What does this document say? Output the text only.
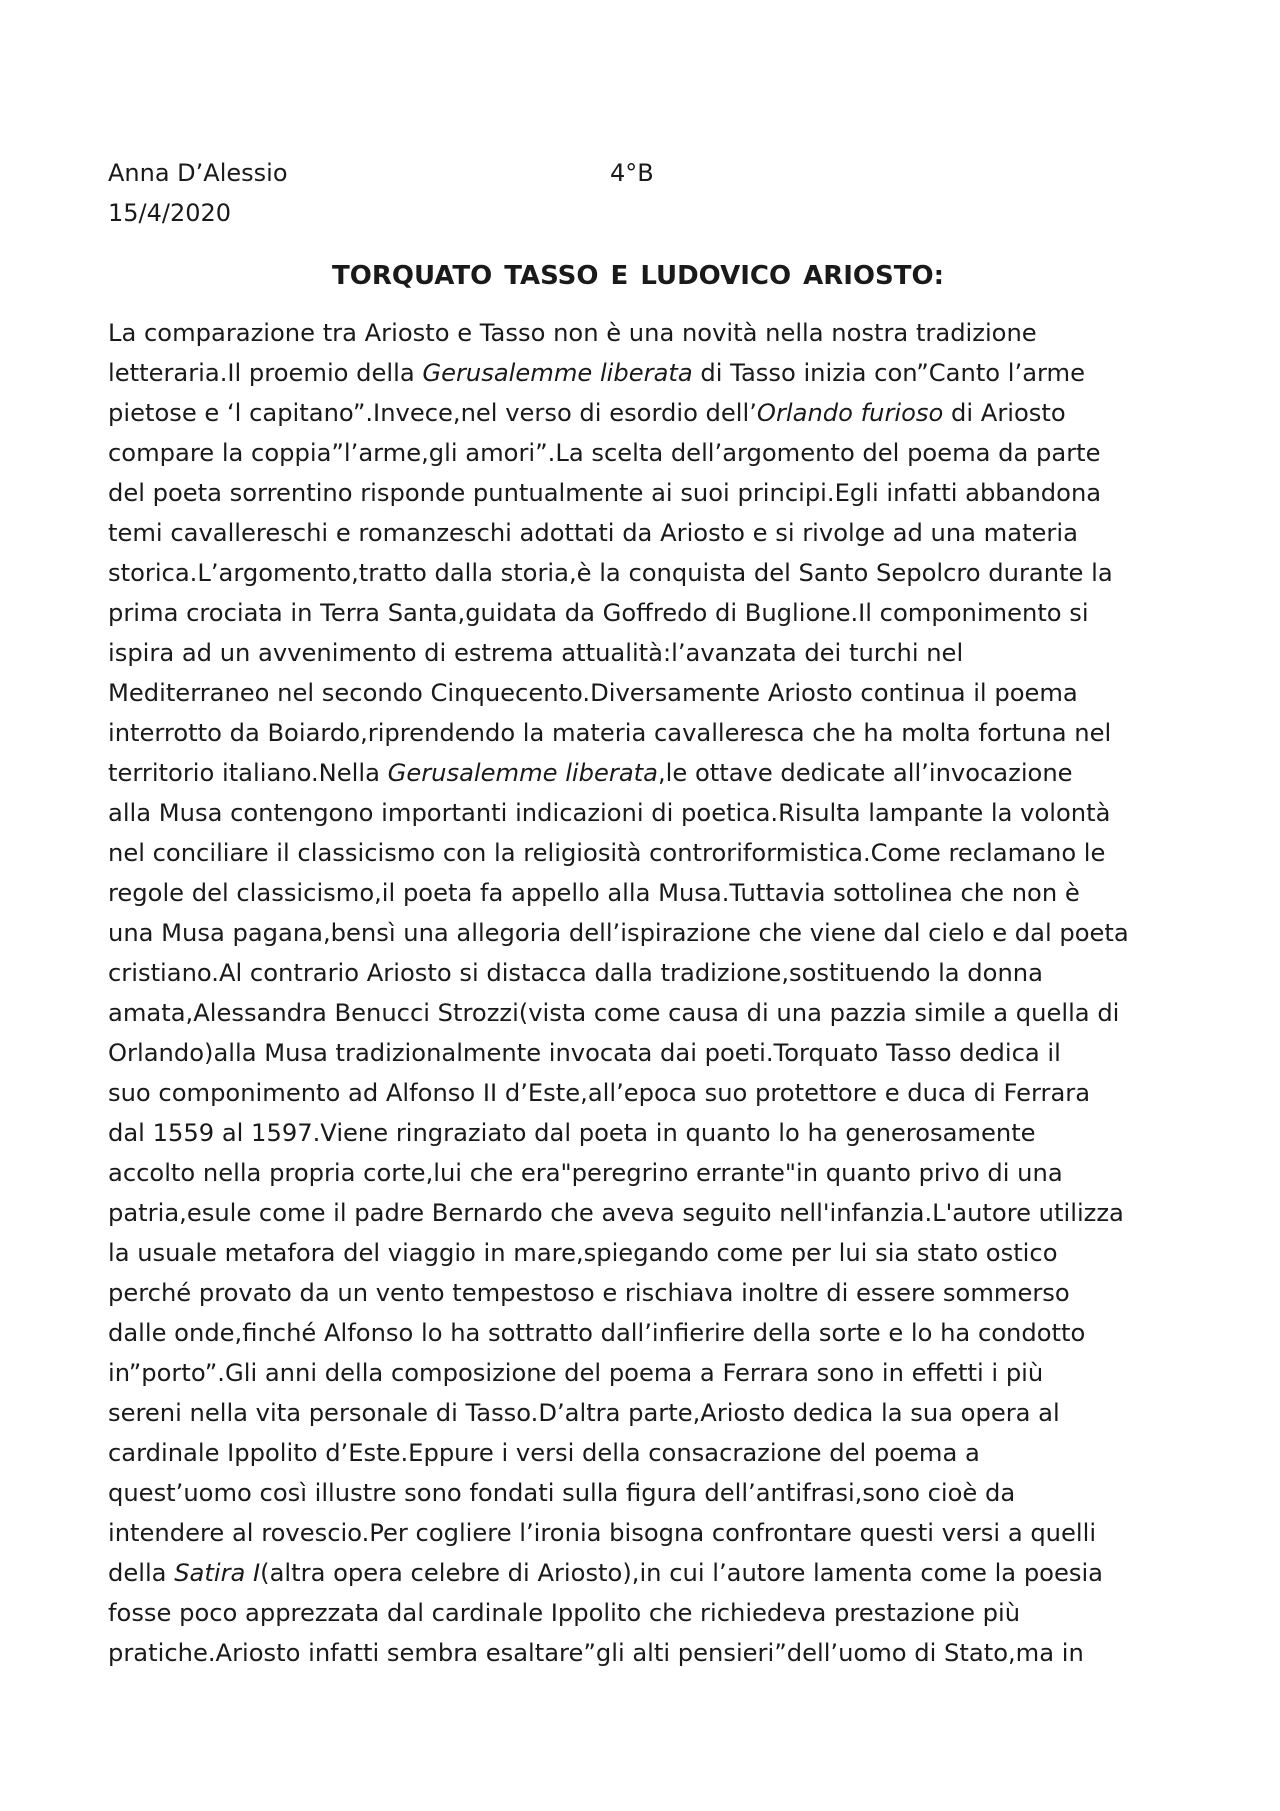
Anna D’Alessio	4°B
15/4/2020
TORQUATO TASSO E LUDOVICO ARIOSTO:
La comparazione tra Ariosto e Tasso non è una novità nella nostra tradizione
letteraria.Il proemio della Gerusalemme liberata di Tasso inizia con”Canto l’arme
pietose e ‘l capitano”.Invece,nel verso di esordio dell’Orlando furioso di Ariosto
compare la coppia”l’arme,gli amori”.La scelta dell’argomento del poema da parte
del poeta sorrentino risponde puntualmente ai suoi principi.Egli infatti abbandona
temi cavallereschi e romanzeschi adottati da Ariosto e si rivolge ad una materia
storica.L’argomento,tratto dalla storia,è la conquista del Santo Sepolcro durante la
prima crociata in Terra Santa,guidata da Goffredo di Buglione.Il componimento si
ispira ad un avvenimento di estrema attualità:l’avanzata dei turchi nel
Mediterraneo nel secondo Cinquecento.Diversamente Ariosto continua il poema
interrotto da Boiardo,riprendendo la materia cavalleresca che ha molta fortuna nel
territorio italiano.Nella Gerusalemme liberata,le ottave dedicate all’invocazione
alla Musa contengono importanti indicazioni di poetica.Risulta lampante la volontà
nel conciliare il classicismo con la religiosità controriformistica.Come reclamano le
regole del classicismo,il poeta fa appello alla Musa.Tuttavia sottolinea che non è
una Musa pagana,bensì una allegoria dell’ispirazione che viene dal cielo e dal poeta
cristiano.Al contrario Ariosto si distacca dalla tradizione,sostituendo la donna
amata,Alessandra Benucci Strozzi(vista come causa di una pazzia simile a quella di
Orlando)alla Musa tradizionalmente invocata dai poeti.Torquato Tasso dedica il
suo componimento ad Alfonso II d’Este,all’epoca suo protettore e duca di Ferrara
dal 1559 al 1597.Viene ringraziato dal poeta in quanto lo ha generosamente
accolto nella propria corte,lui che era"peregrino errante"in quanto privo di una
patria,esule come il padre Bernardo che aveva seguito nell'infanzia.L'autore utilizza
la usuale metafora del viaggio in mare,spiegando come per lui sia stato ostico
perché provato da un vento tempestoso e rischiava inoltre di essere sommerso
dalle onde,finché Alfonso lo ha sottratto dall’infierire della sorte e lo ha condotto
in”porto”.Gli anni della composizione del poema a Ferrara sono in effetti i più
sereni nella vita personale di Tasso.D’altra parte,Ariosto dedica la sua opera al
cardinale Ippolito d’Este.Eppure i versi della consacrazione del poema a
quest’uomo così illustre sono fondati sulla figura dell’antifrasi,sono cioè da
intendere al rovescio.Per cogliere l’ironia bisogna confrontare questi versi a quelli
della Satira I(altra opera celebre di Ariosto),in cui l’autore lamenta come la poesia
fosse poco apprezzata dal cardinale Ippolito che richiedeva prestazione più
pratiche.Ariosto infatti sembra esaltare”gli alti pensieri”dell’uomo di Stato,ma in
